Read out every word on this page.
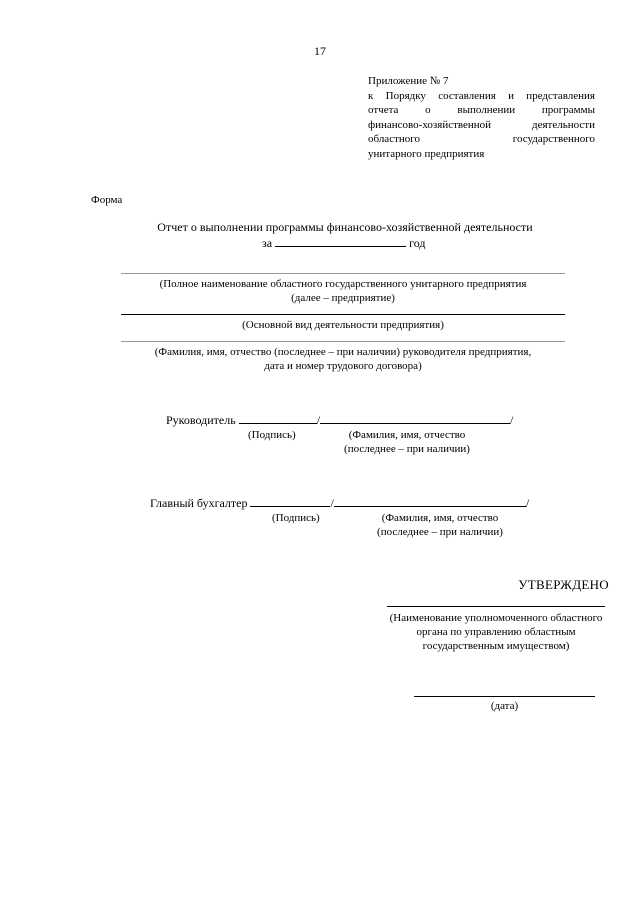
17
Приложение № 7
к Порядку составления и представления
отчета о выполнении программы
финансово-хозяйственной деятельности
областного государственного
унитарного предприятия
Форма
Отчет о выполнении программы финансово-хозяйственной деятельности
за	год
(Полное наименование областного государственного унитарного предприятия
(далее – предприятие)
(Основной вид деятельности предприятия)
(Фамилия, имя, отчество (последнее – при наличии) руководителя предприятия,
дата и номер трудового договора)
Руководитель	/	/
(Подпись)	(Фамилия, имя, отчество
(последнее – при наличии)
Главный бухгалтер	/	/
(Подпись)	(Фамилия, имя, отчество
(последнее – при наличии)
УТВЕРЖДЕНО
(Наименование уполномоченного областного
органа по управлению областным
государственным имуществом)
(дата)
